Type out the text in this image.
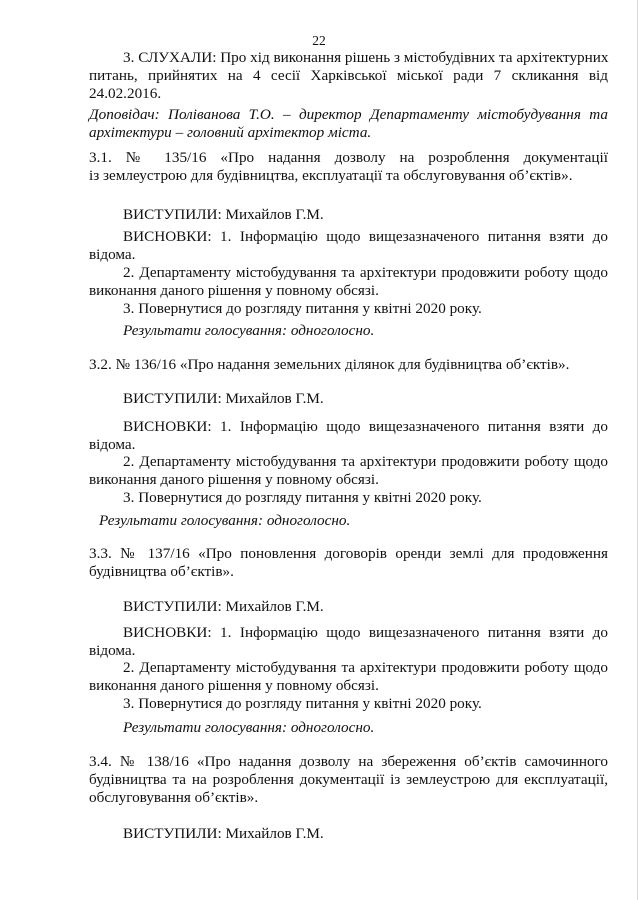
22
3. СЛУХАЛИ: Про хід виконання рішень з містобудівних та архітектурних
питань, прийнятих на 4 сесії Харківської міської ради 7 скликання від
24.02.2016.
Доповідач: Поліванова Т.О. – директор Департаменту містобудування та
архітектури – головний архітектор міста.
3.1. № 135/16 «Про надання дозволу на розроблення документації
із землеустрою для будівництва, експлуатації та обслуговування об’єктів».
ВИСТУПИЛИ: Михайлов Г.М.
ВИСНОВКИ: 1. Інформацію щодо вищезазначеного питання взяти до
відома.
2. Департаменту містобудування та архітектури продовжити роботу щодо
виконання даного рішення у повному обсязі.
3. Повернутися до розгляду питання у квітні 2020 року.
Результати голосування: одноголосно.
3.2. № 136/16 «Про надання земельних ділянок для будівництва об’єктів».
ВИСТУПИЛИ: Михайлов Г.М.
ВИСНОВКИ: 1. Інформацію щодо вищезазначеного питання взяти до
відома.
2. Департаменту містобудування та архітектури продовжити роботу щодо
виконання даного рішення у повному обсязі.
3. Повернутися до розгляду питання у квітні 2020 року.
Результати голосування: одноголосно.
3.3. № 137/16 «Про поновлення договорів оренди землі для продовження
будівництва об’єктів».
ВИСТУПИЛИ: Михайлов Г.М.
ВИСНОВКИ: 1. Інформацію щодо вищезазначеного питання взяти до
відома.
2. Департаменту містобудування та архітектури продовжити роботу щодо
виконання даного рішення у повному обсязі.
3. Повернутися до розгляду питання у квітні 2020 року.
Результати голосування: одноголосно.
3.4. № 138/16 «Про надання дозволу на збереження об’єктів самочинного
будівництва та на розроблення документації із землеустрою для експлуатації,
обслуговування об’єктів».
ВИСТУПИЛИ: Михайлов Г.М.
